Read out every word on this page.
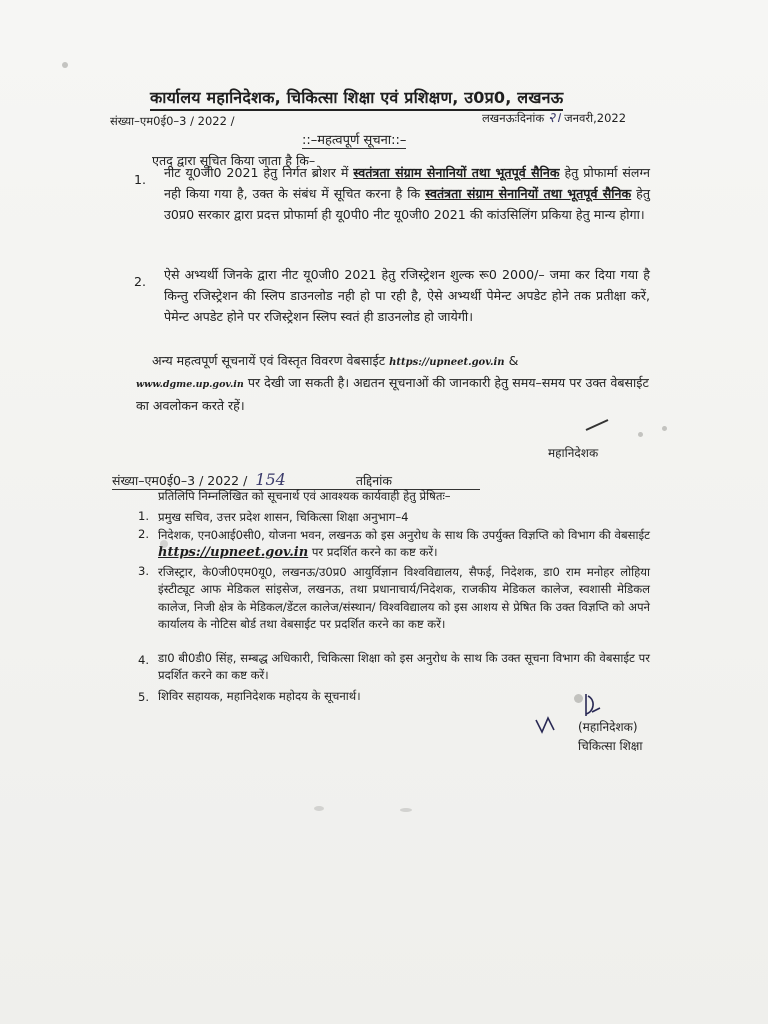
कार्यालय महानिदेशक, चिकित्सा शिक्षा एवं प्रशिक्षण, उ0प्र0, लखनऊ
संख्या–एम0ई0–3 / 2022 /	लखनऊःदिनांक २। जनवरी,2022
::–महत्वपूर्ण सूचना::–
एतद् द्वारा सूचित किया जाता है कि–
1. नीट यू0जी0 2021 हेतु निर्गत ब्रोशर में स्वतंत्रता संग्राम सेनानियों तथा भूतपूर्व सैनिक हेतु प्रोफार्मा संलग्न नही किया गया है, उक्त के संबंध में सूचित करना है कि स्वतंत्रता संग्राम सेनानियों तथा भूतपूर्व सैनिक हेतु उ0प्र0 सरकार द्वारा प्रदत्त प्रोफार्मा ही यू0पी0 नीट यू0जी0 2021 की कांउसिलिंग प्रकिया हेतु मान्य होगा।
2. ऐसे अभ्यर्थी जिनके द्वारा नीट यू0जी0 2021 हेतु रजिस्ट्रेशन शुल्क रू0 2000/– जमा कर दिया गया है किन्तु रजिस्ट्रेशन की स्लिप डाउनलोड नही हो पा रही है, ऐसे अभ्यर्थी पेमेन्ट अपडेट होने तक प्रतीक्षा करें, पेमेन्ट अपडेट होने पर रजिस्ट्रेशन स्लिप स्वतं ही डाउनलोड हो जायेगी।
अन्य महत्वपूर्ण सूचनायें एवं विस्तृत विवरण वेबसाईट https://upneet.gov.in &
www.dgme.up.gov.in पर देखी जा सकती है। अद्यतन सूचनाओं की जानकारी हेतु समय–समय पर उक्त वेबसाईट का अवलोकन करते रहें।
महानिदेशक
संख्या–एम0ई0–3 / 2022 / 154	तद्दिनांक
प्रतिलिपि निम्नलिखित को सूचनार्थ एवं आवश्यक कार्यवाही हेतु प्रेषितः–
1. प्रमुख सचिव, उत्तर प्रदेश शासन, चिकित्सा शिक्षा अनुभाग–4
2. निदेशक, एन0आई0सी0, योजना भवन, लखनऊ को इस अनुरोध के साथ कि उपर्युक्त विज्ञप्ति को विभाग की वेबसाईट https://upneet.gov.in पर प्रदर्शित करने का कष्ट करें।
3. रजिस्ट्रार, के0जी0एम0यू0, लखनऊ/उ0प्र0 आयुर्विज्ञान विश्वविद्यालय, सैफई, निदेशक, डा0 राम मनोहर लोहिया इंस्टीट्यूट आफ मेडिकल सांइसेज, लखनऊ, तथा प्रधानाचार्य/निदेशक, राजकीय मेडिकल कालेज, स्वशासी मेडिकल कालेज, निजी क्षेत्र के मेडिकल/डेंटल कालेज/संस्थान/ विश्वविद्यालय को इस आशय से प्रेषित कि उक्त विज्ञप्ति को अपने कार्यालय के नोटिस बोर्ड तथा वेबसाईट पर प्रदर्शित करने का कष्ट करें।
4. डा0 बी0डी0 सिंह, सम्बद्ध अधिकारी, चिकित्सा शिक्षा को इस अनुरोध के साथ कि उक्त सूचना विभाग की वेबसाईट पर प्रदर्शित करने का कष्ट करें।
5. शिविर सहायक, महानिदेशक महोदय के सूचनार्थ।
(महानिदेशक)
चिकित्सा शिक्षा
